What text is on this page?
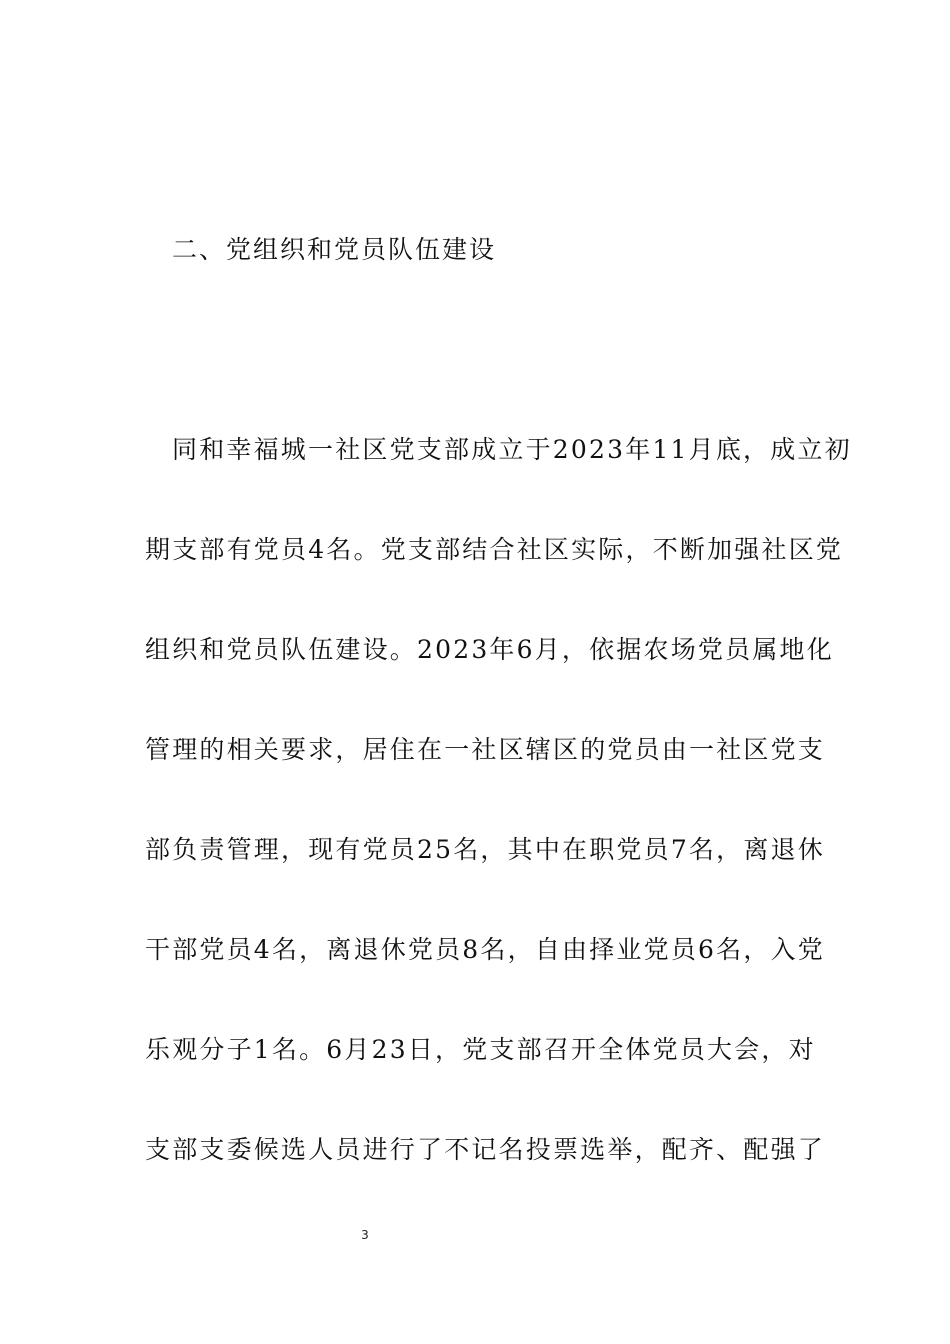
二、党组织和党员队伍建设
同和幸福城一社区党支部成立于2023年11月底，成立初
期支部有党员4名。党支部结合社区实际，不断加强社区党
组织和党员队伍建设。2023年6月，依据农场党员属地化
管理的相关要求，居住在一社区辖区的党员由一社区党支
部负责管理，现有党员25名，其中在职党员7名，离退休
干部党员4名，离退休党员8名，自由择业党员6名，入党
乐观分子1名。6月23日，党支部召开全体党员大会，对
支部支委候选人员进行了不记名投票选举，配齐、配强了
3
